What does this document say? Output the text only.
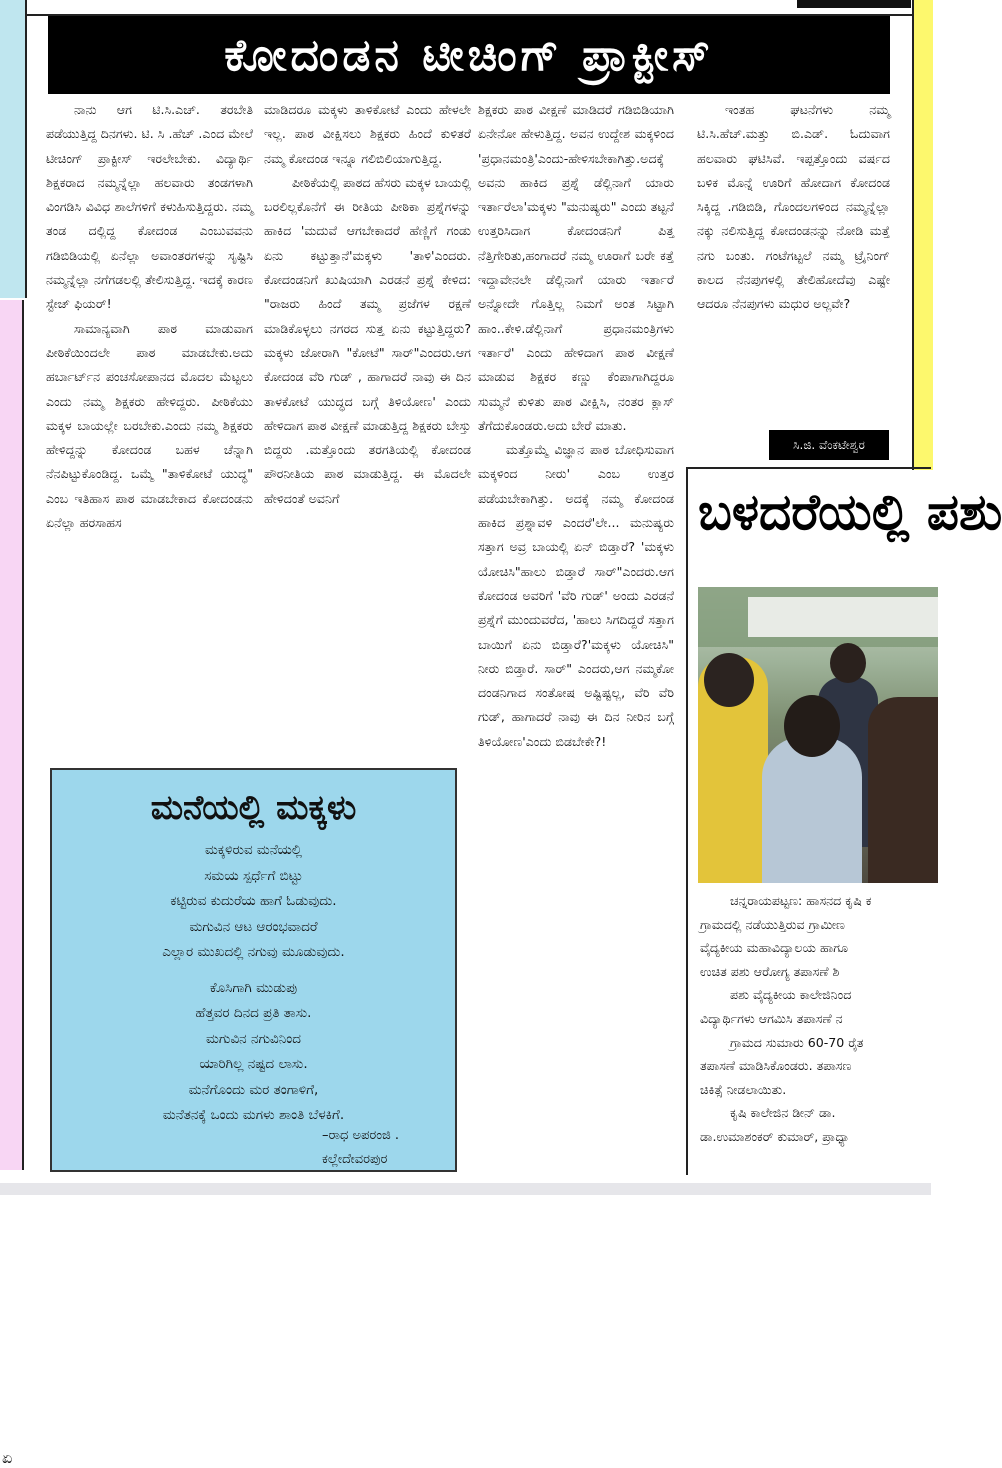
ಏ
ಕೋದಂಡನ ಟೀಚಿಂಗ್ ಪ್ರಾಕ್ಟೀಸ್

ನಾನು ಆಗ ಟಿ.ಸಿ.ಎಚ್. ತರಬೇತಿ ಪಡೆಯುತ್ತಿದ್ದ ದಿನಗಳು. ಟಿ. ಸಿ .ಹೆಚ್ .ಎಂದ ಮೇಲೆ ಟೀಚಿಂಗ್ ಪ್ರಾಕ್ಟೀಸ್ ಇರಲೇಬೇಕು. ವಿದ್ಯಾರ್ಥಿ ಶಿಕ್ಷಕರಾದ ನಮ್ಮನ್ನೆಲ್ಲಾ ಹಲವಾರು ತಂಡಗಳಾಗಿ ವಿಂಗಡಿಸಿ ವಿವಿಧ ಶಾಲೆಗಳಿಗೆ ಕಳುಹಿಸುತ್ತಿದ್ದರು. ನಮ್ಮ ತಂಡ ದಲ್ಲಿದ್ದ ಕೋದಂಡ ಎಂಬುವವನು ಗಡಿಬಿಡಿಯಲ್ಲಿ ಏನೆಲ್ಲಾ ಅವಾಂತರಗಳನ್ನು ಸೃಷ್ಟಿಸಿ ನಮ್ಮನ್ನೆಲ್ಲಾ ನಗೆಗಡಲಲ್ಲಿ ತೇಲಿಸುತ್ತಿದ್ದ. ಇದಕ್ಕೆ ಕಾರಣ ಸ್ಟೇಜ್ ಫಿಯರ್!

ಸಾಮಾನ್ಯವಾಗಿ ಪಾಠ ಮಾಡುವಾಗ ಪೀಠಿಕೆಯಿಂದಲೇ ಪಾಠ ಮಾಡಬೇಕು.ಅದು ಹರ್ಬಾರ್ಟ್‌ನ ಪಂಚಸೋಪಾನದ ಮೊದಲ ಮೆಟ್ಟಲು ಎಂದು ನಮ್ಮ ಶಿಕ್ಷಕರು ಹೇಳಿದ್ದರು. ಪೀಠಿಕೆಯು ಮಕ್ಕಳ ಬಾಯಲ್ಲೇ ಬರಬೇಕು.ಎಂದು ನಮ್ಮ ಶಿಕ್ಷಕರು ಹೇಳಿದ್ದನ್ನು ಕೋದಂಡ ಬಹಳ ಚೆನ್ನಾಗಿ ನೆನಪಿಟ್ಟುಕೊಂಡಿದ್ದ. ಒಮ್ಮೆ "ತಾಳಿಕೋಟೆ ಯುದ್ಧ" ಎಂಬ ಇತಿಹಾಸ ಪಾಠ ಮಾಡಬೇಕಾದ ಕೋದಂಡನು ಏನೆಲ್ಲಾ ಹರಸಾಹಸ

ಮಾಡಿದರೂ ಮಕ್ಕಳು ತಾಳಿಕೋಟೆ ಎಂದು ಹೇಳಲೇ ಇಲ್ಲ. ಪಾಠ ವೀಕ್ಷಿಸಲು ಶಿಕ್ಷಕರು ಹಿಂದೆ ಕುಳಿತರೆ ನಮ್ಮ ಕೋದಂಡ ಇನ್ನೂ ಗಲಿಬಿಲಿಯಾಗುತ್ತಿದ್ದ.

ಪೀಠಿಕೆಯಲ್ಲಿ ಪಾಠದ ಹೆಸರು ಮಕ್ಕಳ ಬಾಯಲ್ಲಿ ಬರಲಿಲ್ಲಕೊನೆಗೆ ಈ ರೀತಿಯ ಪೀಠಿಕಾ ಪ್ರಶ್ನೆಗಳನ್ನು ಹಾಕಿದ 'ಮದುವೆ ಆಗಬೇಕಾದರೆ ಹೆಣ್ಣಿಗೆ ಗಂಡು ಏನು ಕಟ್ಟುತ್ತಾನೆ'ಮಕ್ಕಳು 'ತಾಳಿ'ಎಂದರು. ಕೋದಂಡನಿಗೆ ಖುಷಿಯಾಗಿ ಎರಡನೆ ಪ್ರಶ್ನೆ ಕೇಳಿದ: "ರಾಜರು ಹಿಂದೆ ತಮ್ಮ ಪ್ರಜೆಗಳ ರಕ್ಷಣೆ ಮಾಡಿಕೊಳ್ಳಲು ನಗರದ ಸುತ್ತ ಏನು ಕಟ್ಟುತ್ತಿದ್ದರು? ಮಕ್ಕಳು ಜೋರಾಗಿ "ಕೋಟೆ" ಸಾರ್"ಎಂದರು.ಆಗ ಕೋದಂಡ ವೆರಿ ಗುಡ್ , ಹಾಗಾದರೆ ನಾವು ಈ ದಿನ ತಾಳಕೋಟೆ ಯುದ್ಧದ ಬಗ್ಗೆ ತಿಳಿಯೋಣ' ಎಂದು ಹೇಳಿದಾಗ ಪಾಠ ವೀಕ್ಷಣೆ ಮಾಡುತ್ತಿದ್ದ ಶಿಕ್ಷಕರು ಬೇಸ್ತು ಬಿದ್ದರು .ಮತ್ತೊಂದು ತರಗತಿಯಲ್ಲಿ ಕೋದಂಡ ಪೌರನೀತಿಯ ಪಾಠ ಮಾಡುತ್ತಿದ್ದ. ಈ ಮೊದಲೇ ಹೇಳಿದಂತೆ ಅವನಿಗೆ

ಶಿಕ್ಷಕರು ಪಾಠ ವೀಕ್ಷಣೆ ಮಾಡಿದರೆ ಗಡಿಬಿಡಿಯಾಗಿ ಏನೇನೋ ಹೇಳುತ್ತಿದ್ದ. ಅವನ ಉದ್ದೇಶ ಮಕ್ಕಳಿಂದ 'ಪ್ರಧಾನಮಂತ್ರಿ'ಎಂದು-ಹೇಳಿಸಬೇಕಾಗಿತ್ತು.ಅದಕ್ಕೆ ಅವನು ಹಾಕಿದ ಪ್ರಶ್ನೆ ಡೆಲ್ಲಿನಾಗೆ ಯಾರು ಇರ್ತಾರೆಲಾ'ಮಕ್ಕಳು "ಮನುಷ್ಯರು" ಎಂದು ತಟ್ಟನೆ ಉತ್ತರಿಸಿದಾಗ ಕೋದಂಡನಿಗೆ ಪಿತ್ತ ನೆತ್ತಿಗೇರಿತು,ಹಂಗಾದರೆ ನಮ್ಮ ಊರಾಗೆ ಬರೇ ಕತ್ತೆ ಇದ್ದಾವೇನಲೇ ಡೆಲ್ಲಿನಾಗೆ ಯಾರು ಇರ್ತಾರೆ ಅನ್ನೋದೇ ಗೊತ್ತಿಲ್ಲ ನಿಮಗೆ ಅಂತ ಸಿಟ್ಟಾಗಿ ಹಾಂ..ಕೇಳಿ.ಡೆಲ್ಲಿನಾಗೆ ಪ್ರಧಾನಮಂತ್ರಿಗಳು ಇರ್ತಾರೆ' ಎಂದು ಹೇಳಿದಾಗ ಪಾಠ ವೀಕ್ಷಣೆ ಮಾಡುವ ಶಿಕ್ಷಕರ ಕಣ್ಣು ಕೆಂಪಾಗಾಗಿದ್ದರೂ ಸುಮ್ಮನೆ ಕುಳಿತು ಪಾಠ ವೀಕ್ಷಿಸಿ, ನಂತರ ಕ್ಲಾಸ್ ತೆಗೆದುಕೊಂಡರು.ಅದು ಬೇರೆ ಮಾತು.

ಮತ್ತೊಮ್ಮೆ ವಿಜ್ಞಾನ ಪಾಠ ಬೋಧಿಸುವಾಗ ಮಕ್ಕಳಿಂದ ನೀರು' ಎಂಬ ಉತ್ತರ ಪಡೆಯಬೇಕಾಗಿತ್ತು. ಅದಕ್ಕೆ ನಮ್ಮ ಕೋದಂಡ ಹಾಕಿದ ಪ್ರಶ್ನಾವಳಿ ಎಂದರೆ'ಲೇ... ಮನುಷ್ಯರು ಸತ್ತಾಗ ಅವ್ರ ಬಾಯಲ್ಲಿ ಏನ್ ಬಿಡ್ತಾರೆ? 'ಮಕ್ಕಳು ಯೋಚಿಸಿ"ಹಾಲು ಬಿಡ್ತಾರೆ ಸಾರ್"ಎಂದರು.ಆಗ ಕೋದಂಡ ಅವರಿಗೆ 'ವೆರಿ ಗುಡ್' ಅಂದು ಎರಡನೆ ಪ್ರಶ್ನೆಗೆ ಮುಂದುವರೆದ, 'ಹಾಲು ಸಿಗದಿದ್ದರೆ ಸತ್ತಾಗ ಬಾಯಿಗೆ ಏನು ಬಿಡ್ತಾರೆ?'ಮಕ್ಕಳು ಯೋಚಿಸಿ" ನೀರು ಬಿಡ್ತಾರೆ. ಸಾರ್" ಎಂದರು,ಆಗ ನಮ್ಮಕೋ ದಂಡನಿಗಾದ ಸಂತೋಷ ಅಷ್ಟಿಷ್ಟಲ್ಲ, ವೆರಿ ವೆರಿ ಗುಡ್, ಹಾಗಾದರೆ ನಾವು ಈ ದಿನ ನೀರಿನ ಬಗ್ಗೆ ತಿಳಿಯೋಣ'ಎಂದು ಬಿಡಬೇಕೇ?!

ಇಂತಹ ಘಟನೆಗಳು ನಮ್ಮ ಟಿ.ಸಿ.ಹೆಚ್.ಮತ್ತು ಬಿ.ಎಡ್. ಓದುವಾಗ ಹಲವಾರು ಘಟಿಸಿವೆ. ಇಪ್ಪತ್ತೊಂದು ವರ್ಷದ ಬಳಿಕ ಮೊನ್ನೆ ಊರಿಗೆ ಹೋದಾಗ ಕೋದಂಡ ಸಿಕ್ಕಿದ್ದ .ಗಡಿಬಿಡಿ, ಗೊಂದಲಗಳಿಂದ ನಮ್ಮನ್ನೆಲ್ಲಾ ನಕ್ಕು ನಲಿಸುತ್ತಿದ್ದ ಕೋದಂಡನನ್ನು ನೋಡಿ ಮತ್ತೆ ನಗು ಬಂತು. ಗಂಟೆಗಟ್ಟಲೆ ನಮ್ಮ ಟ್ರೈನಿಂಗ್ ಕಾಲದ ನೆನಪುಗಳಲ್ಲಿ ತೇಲಿಹೋದೆವು ಎಷ್ಟೇ ಆದರೂ ನೆನಪುಗಳು ಮಧುರ ಅಲ್ಲವೇ?

ಸಿ.ಜಿ. ವೆಂಕಟೇಶ್ವರ
ಮನೆಯಲ್ಲಿ ಮಕ್ಕಳು
ಮಕ್ಕಳಿರುವ ಮನೆಯಲ್ಲಿ
ಸಮಯ ಸ್ಪರ್ಧೆಗೆ ಬಿಟ್ಟು
ಕಟ್ಟಿರುವ ಕುದುರೆಯ ಹಾಗೆ ಓಡುವುದು.
ಮಗುವಿನ ಆಟ ಆರಂಭವಾದರೆ
ಎಲ್ಲಾರ ಮುಖದಲ್ಲಿ ನಗುವು ಮೂಡುವುದು.
ಕೊಸಿಗಾಗಿ ಮುಡುಪು
ಹೆತ್ತವರ ದಿನದ ಪ್ರತಿ ತಾಸು.
ಮಗುವಿನ ನಗುವಿನಿಂದ
ಯಾರಿಗಿಲ್ಲ ನಷ್ಟದ ಲಾಸು.
ಮನೆಗೊಂದು ಮರ ತಂಗಾಳಿಗೆ,
ಮನೆತನಕ್ಕೆ ಒಂದು ಮಗಳು ಶಾಂತಿ ಬೆಳಕಿಗೆ.
–ರಾಧ ಅಪರಂಜಿ .
ಕಲ್ಲೇದೇವರಪುರ
ಬಳದರೆಯಲ್ಲಿ ಪಶು
ಚನ್ನರಾಯಪಟ್ಟಣ: ಹಾಸನದ ಕೃಷಿ ಕ
ಗ್ರಾಮದಲ್ಲಿ ನಡೆಯುತ್ತಿರುವ ಗ್ರಾಮೀಣ
ವೈದ್ಯಕೀಯ ಮಹಾವಿದ್ಯಾಲಯ ಹಾಗೂ
ಉಚಿತ ಪಶು ಆರೋಗ್ಯ ತಪಾಸಣೆ ಶಿ
ಪಶು ವೈದ್ಯಕೀಯ ಕಾಲೇಜಿನಿಂದ
ವಿದ್ಯಾರ್ಥಿಗಳು ಆಗಮಿಸಿ ತಪಾಸಣೆ ನ
ಗ್ರಾಮದ ಸುಮಾರು 60-70 ರೈತ
ತಪಾಸಣೆ ಮಾಡಿಸಿಕೊಂಡರು. ತಪಾಸಣ
ಚಿಕಿತ್ಸೆ ನೀಡಲಾಯಿತು.
ಕೃಷಿ ಕಾಲೇಜಿನ ಡೀನ್ ಡಾ.
ಡಾ.ಉಮಾಶಂಕರ್ ಕುಮಾರ್, ಪ್ರಾಧ್ಯಾ
